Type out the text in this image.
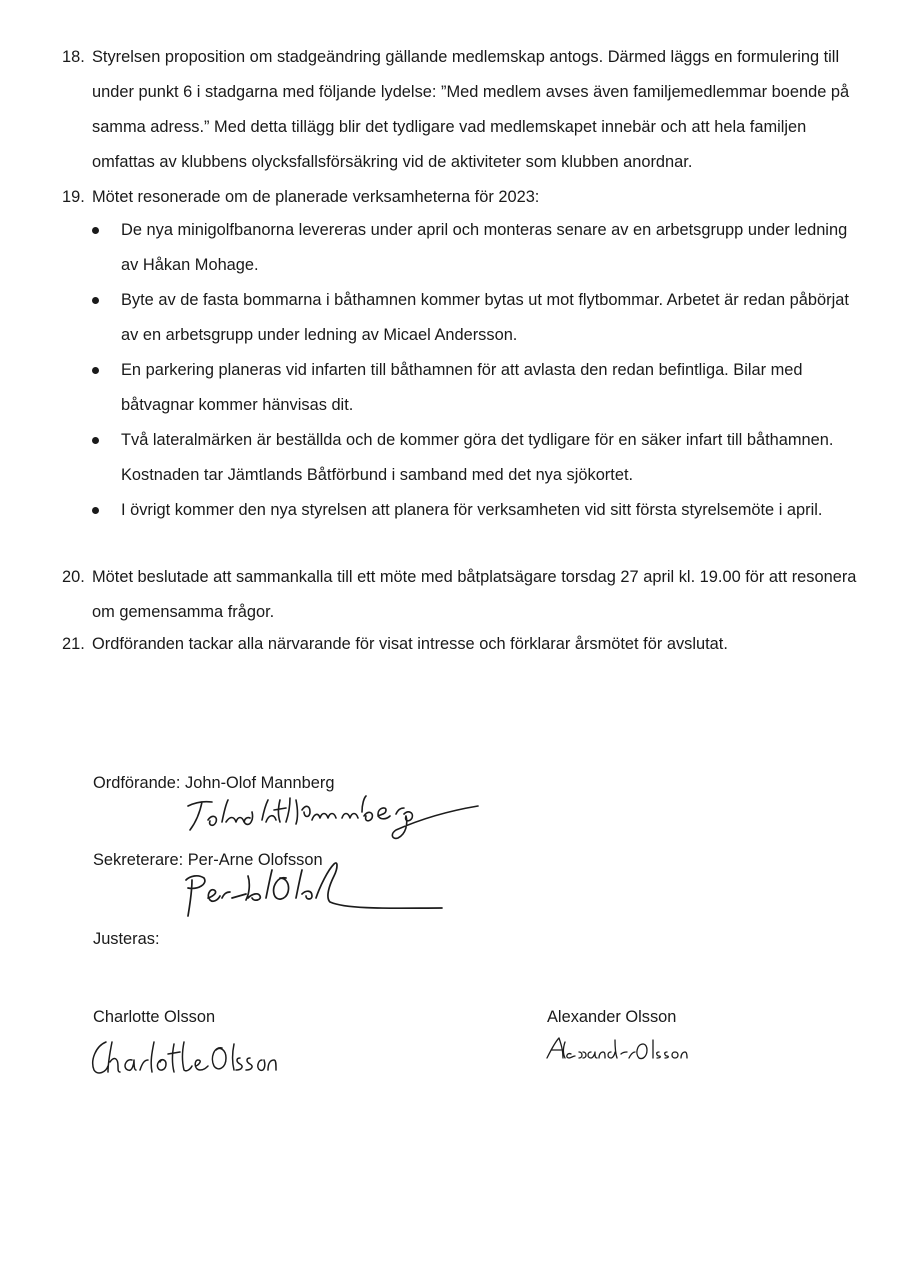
18. Styrelsen proposition om stadgeändring gällande medlemskap antogs. Därmed läggs en formulering till under punkt 6 i stadgarna med följande lydelse: ”Med medlem avses även familjemedlemmar boende på samma adress.” Med detta tillägg blir det tydligare vad medlemskapet innebär och att hela familjen omfattas av klubbens olycksfallsförsäkring vid de aktiviteter som klubben anordnar.
19. Mötet resonerade om de planerade verksamheterna för 2023:
De nya minigolfbanorna levereras under april och monteras senare av en arbetsgrupp under ledning av Håkan Mohage.
Byte av de fasta bommarna i båthamnen kommer bytas ut mot flytbommar. Arbetet är redan påbörjat av en arbetsgrupp under ledning av Micael Andersson.
En parkering planeras vid infarten till båthamnen för att avlasta den redan befintliga. Bilar med båtvagnar kommer hänvisas dit.
Två lateralmärken är beställda och de kommer göra det tydligare för en säker infart till båthamnen. Kostnaden tar Jämtlands Båtförbund i samband med det nya sjökortet.
I övrigt kommer den nya styrelsen att planera för verksamheten vid sitt första styrelsemöte i april.
20. Mötet beslutade att sammankalla till ett möte med båtplatsägare torsdag 27 april kl. 19.00 för att resonera om gemensamma frågor.
21. Ordföranden tackar alla närvarande för visat intresse och förklarar årsmötet för avslutat.
Ordförande: John-Olof Mannberg
Sekreterare: Per-Arne Olofsson
Justeras:
Charlotte Olsson	Alexander Olsson
